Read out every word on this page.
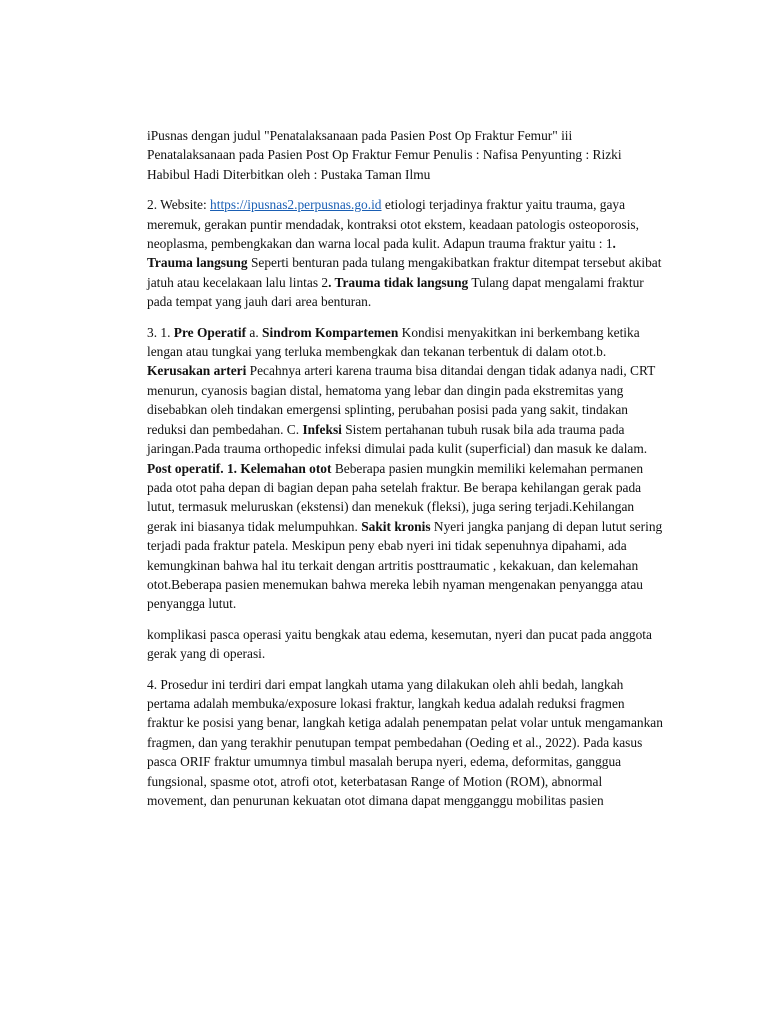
iPusnas dengan judul "Penatalaksanaan pada Pasien Post Op Fraktur Femur" iii Penatalaksanaan pada Pasien Post Op Fraktur Femur Penulis : Nafisa Penyunting : Rizki Habibul Hadi Diterbitkan oleh : Pustaka Taman Ilmu

2. Website: https://ipusnas2.perpusnas.go.id etiologi terjadinya fraktur yaitu trauma, gaya meremuk, gerakan puntir mendadak, kontraksi otot ekstem, keadaan patologis osteoporosis, neoplasma, pembengkakan dan warna local pada kulit. Adapun trauma fraktur yaitu : 1. Trauma langsung Seperti benturan pada tulang mengakibatkan fraktur ditempat tersebut akibat jatuh atau kecelakaan lalu lintas 2. Trauma tidak langsung Tulang dapat mengalami fraktur pada tempat yang jauh dari area benturan.

3. 1. Pre Operatif a. Sindrom Kompartemen Kondisi menyakitkan ini berkembang ketika lengan atau tungkai yang terluka membengkak dan tekanan terbentuk di dalam otot.b. Kerusakan arteri Pecahnya arteri karena trauma bisa ditandai dengan tidak adanya nadi, CRT menurun, cyanosis bagian distal, hematoma yang lebar dan dingin pada ekstremitas yang disebabkan oleh tindakan emergensi splinting, perubahan posisi pada yang sakit, tindakan reduksi dan pembedahan. C. Infeksi Sistem pertahanan tubuh rusak bila ada trauma pada jaringan.Pada trauma orthopedic infeksi dimulai pada kulit (superficial) dan masuk ke dalam. Post operatif. 1. Kelemahan otot Beberapa pasien mungkin memiliki kelemahan permanen pada otot paha depan di bagian depan paha setelah fraktur. Be berapa kehilangan gerak pada lutut, termasuk meluruskan (ekstensi) dan menekuk (fleksi), juga sering terjadi.Kehilangan gerak ini biasanya tidak melumpuhkan. Sakit kronis Nyeri jangka panjang di depan lutut sering terjadi pada fraktur patela. Meskipun peny ebab nyeri ini tidak sepenuhnya dipahami, ada kemungkinan bahwa hal itu terkait dengan artritis posttraumatic , kekakuan, dan kelemahan otot.Beberapa pasien menemukan bahwa mereka lebih nyaman mengenakan penyangga atau penyangga lutut.

komplikasi pasca operasi yaitu bengkak atau edema, kesemutan, nyeri dan pucat pada anggota gerak yang di operasi.

4. Prosedur ini terdiri dari empat langkah utama yang dilakukan oleh ahli bedah, langkah pertama adalah membuka/exposure lokasi fraktur, langkah kedua adalah reduksi fragmen fraktur ke posisi yang benar, langkah ketiga adalah penempatan pelat volar untuk mengamankan fragmen, dan yang terakhir penutupan tempat pembedahan (Oeding et al., 2022). Pada kasus pasca ORIF fraktur umumnya timbul masalah berupa nyeri, edema, deformitas, ganggua fungsional, spasme otot, atrofi otot, keterbatasan Range of Motion (ROM), abnormal movement, dan penurunan kekuatan otot dimana dapat mengganggu mobilitas pasien
